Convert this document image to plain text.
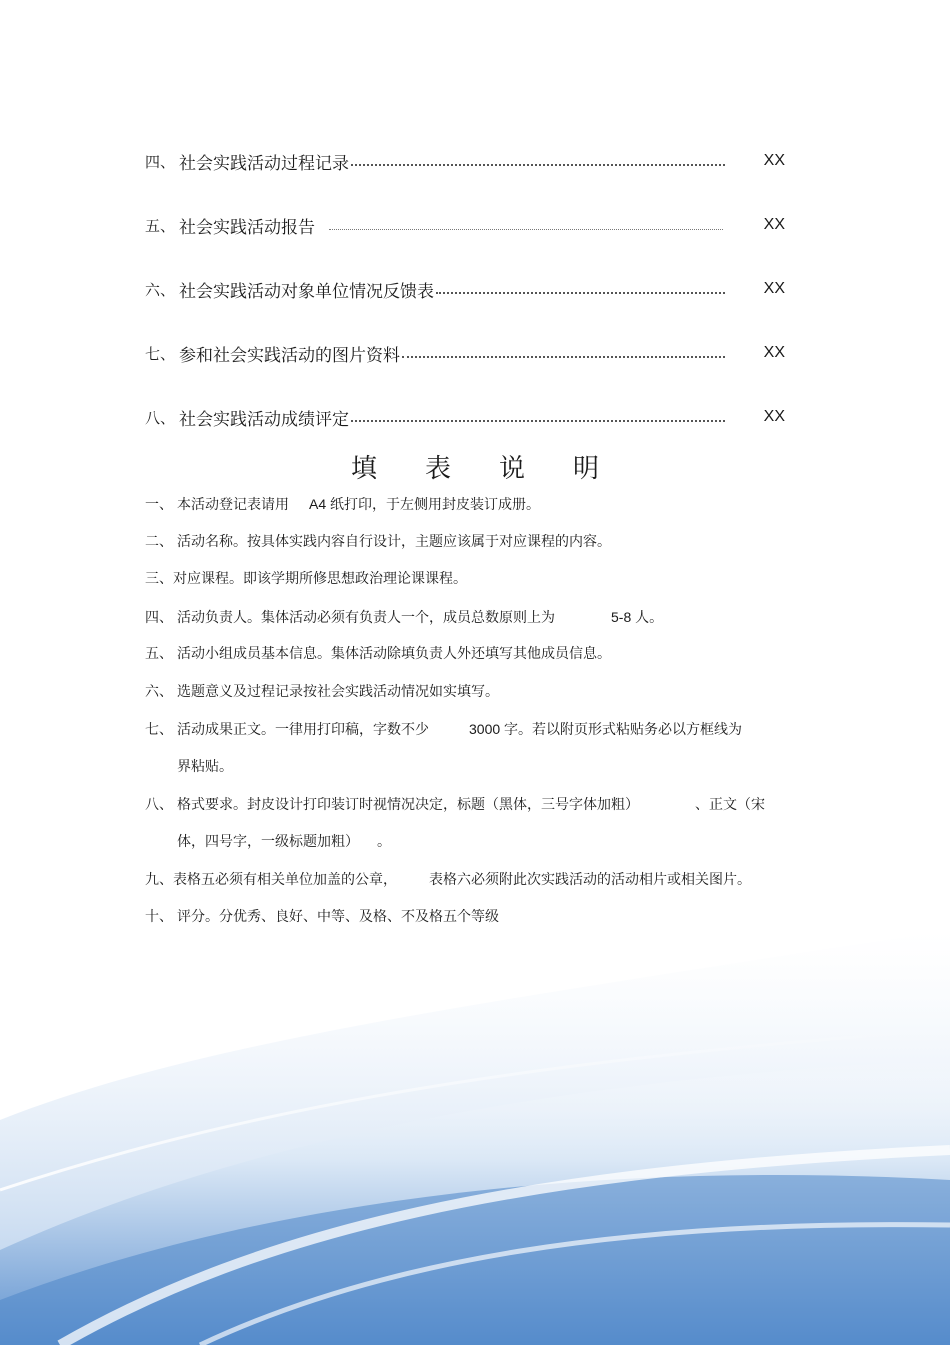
四、 社会实践活动过程记录	XX
五、 社会实践活动报告	XX
六、 社会实践活动对象单位情况反馈表	XX
七、 参和社会实践活动的图片资料	XX
八、 社会实践活动成绩评定	XX
填表说明
一、 本活动登记表请用 A4 纸打印，于左侧用封皮装订成册。
二、 活动名称。按具体实践内容自行设计，主题应该属于对应课程的内容。
三、对应课程。即该学期所修思想政治理论课课程。
四、 活动负责人。集体活动必须有负责人一个，成员总数原则上为	5-8 人。
五、 活动小组成员基本信息。集体活动除填负责人外还填写其他成员信息。
六、 选题意义及过程记录按社会实践活动情况如实填写。
七、 活动成果正文。一律用打印稿，字数不少	3000 字。若以附页形式粘贴务必以方框线为
界粘贴。
八、 格式要求。封皮设计打印装订时视情况决定，标题（黑体，三号字体加粗）	、正文（宋
体，四号字，一级标题加粗） 。
九、表格五必须有相关单位加盖的公章， 表格六必须附此次实践活动的活动相片或相关图片。
十、 评分。分优秀、良好、中等、及格、不及格五个等级
